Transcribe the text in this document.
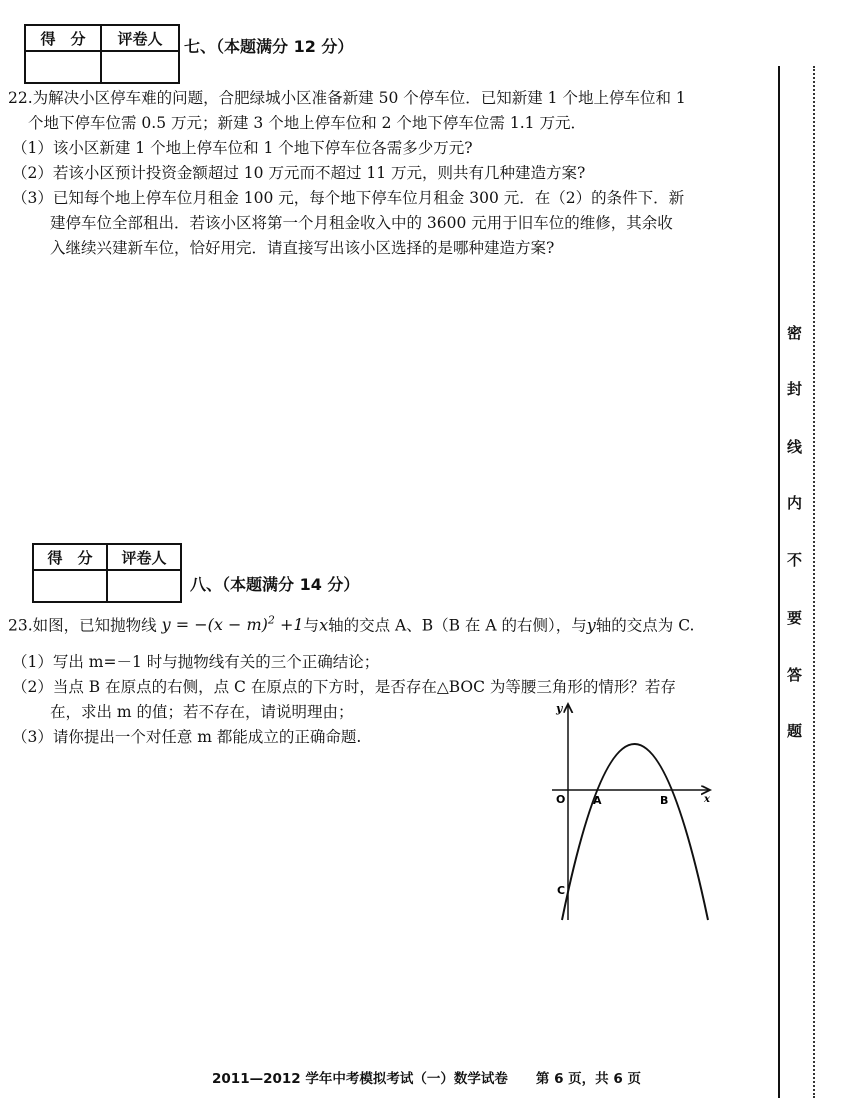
得　分	评卷人
	七、（本题满分 12 分）
22.为解决小区停车难的问题，合肥绿城小区准备新建 50 个停车位．已知新建 1 个地上停车位和 1
个地下停车位需 0.5 万元；新建 3 个地上停车位和 2 个地下停车位需 1.1 万元．
（1）该小区新建 1 个地上停车位和 1 个地下停车位各需多少万元?
（2）若该小区预计投资金额超过 10 万元而不超过 11 万元，则共有几种建造方案?
（3）已知每个地上停车位月租金 100 元，每个地下停车位月租金 300 元．在（2）的条件下．新
建停车位全部租出．若该小区将第一个月租金收入中的 3600 元用于旧车位的维修，其余收
入继续兴建新车位，恰好用完．请直接写出该小区选择的是哪种建造方案?
得　分	评卷人

八、（本题满分 14 分）
23.如图，已知抛物线 $y = -(x - m)^2 +1$与x轴的交点 A、B（B 在 A 的右侧），与y轴的交点为 C.
（1）写出 m=－1 时与抛物线有关的三个正确结论；
（2）当点 B 在原点的右侧，点 C 在原点的下方时，是否存在△BOC 为等腰三角形的情形？若存
在，求出 m 的值；若不存在，请说明理由；
（3）请你提出一个对任意 m 都能成立的正确命题.
y
x
O	A	B
C
密
封
线
内
不
要
答
题
2011—2012 学年中考模拟考试（一）数学试卷 第 6 页，共 6 页
